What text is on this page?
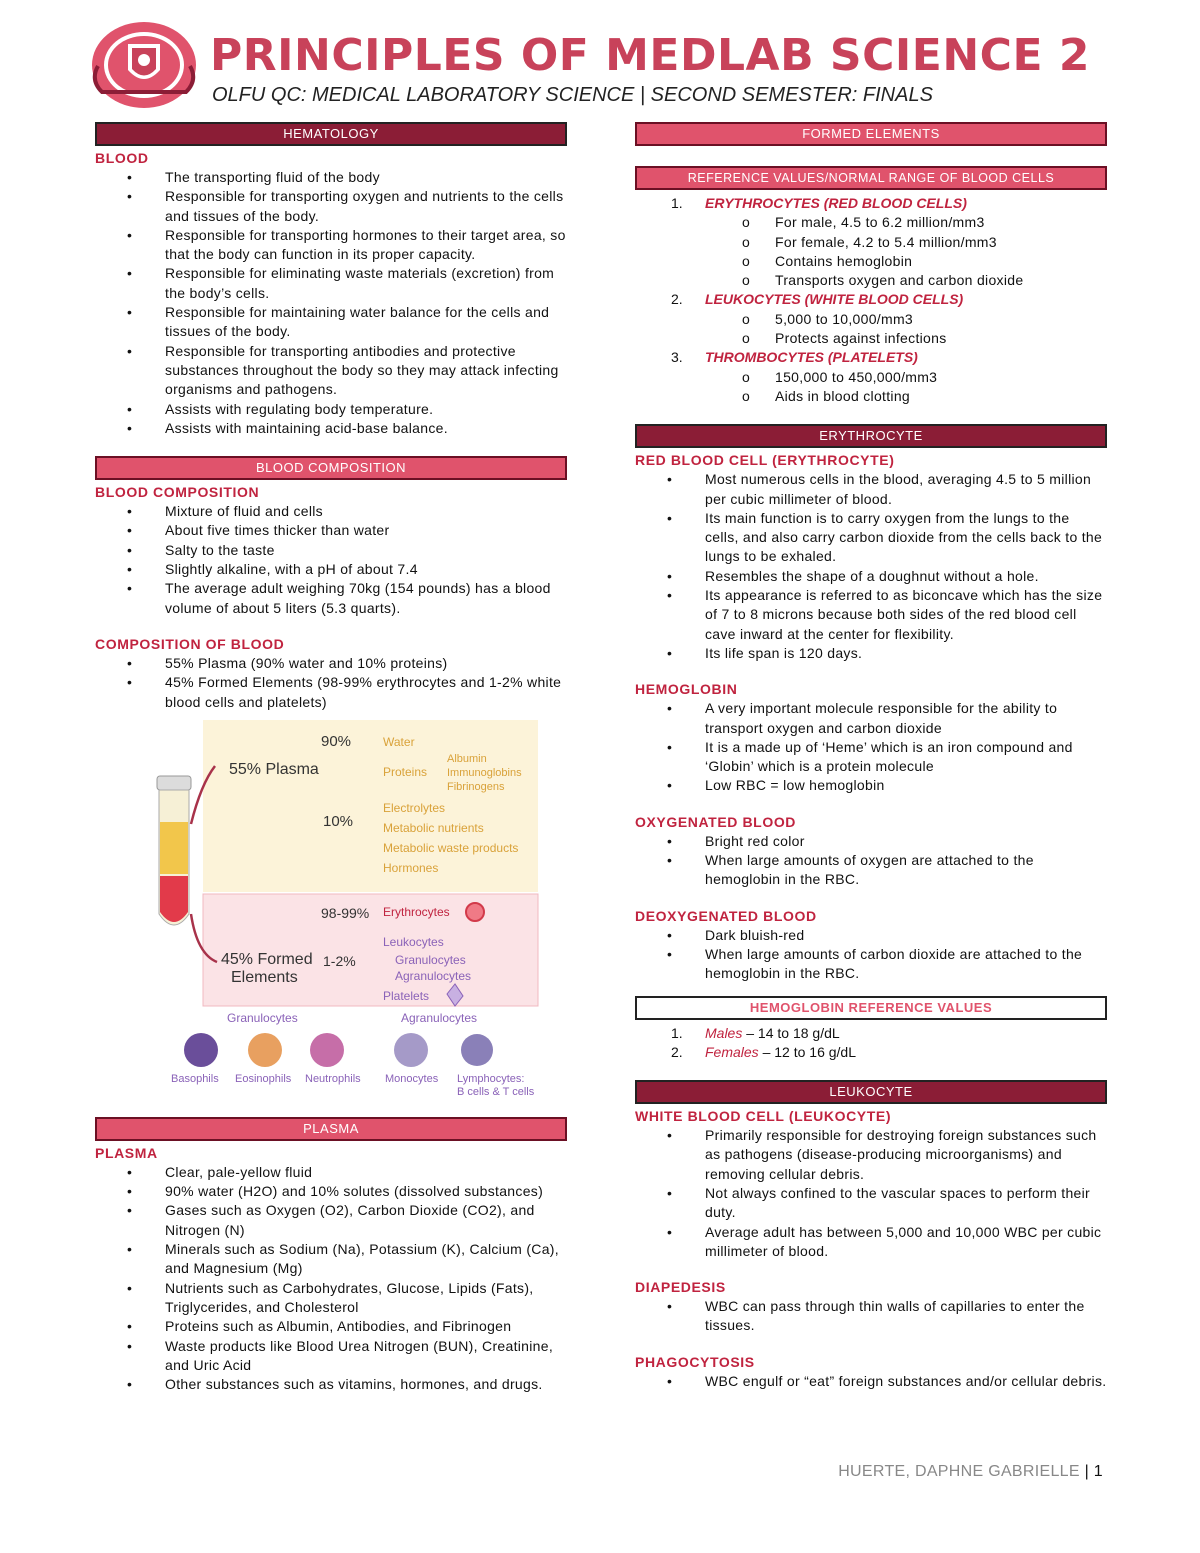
PRINCIPLES OF MEDLAB SCIENCE 2
OLFU QC: MEDICAL LABORATORY SCIENCE | SECOND SEMESTER: FINALS
HEMATOLOGY
BLOOD
• The transporting fluid of the body
• Responsible for transporting oxygen and nutrients to the cells and tissues of the body.
• Responsible for transporting hormones to their target area, so that the body can function in its proper capacity.
• Responsible for eliminating waste materials (excretion) from the body’s cells.
• Responsible for maintaining water balance for the cells and tissues of the body.
• Responsible for transporting antibodies and protective substances throughout the body so they may attack infecting organisms and pathogens.
• Assists with regulating body temperature.
• Assists with maintaining acid-base balance.
BLOOD COMPOSITION
BLOOD COMPOSITION
• Mixture of fluid and cells
• About five times thicker than water
• Salty to the taste
• Slightly alkaline, with a pH of about 7.4
• The average adult weighing 70kg (154 pounds) has a blood volume of about 5 liters (5.3 quarts).
COMPOSITION OF BLOOD
• 55% Plasma (90% water and 10% proteins)
• 45% Formed Elements (98-99% erythrocytes and 1-2% white blood cells and platelets)
55% Plasma
90%	Water
Proteins
Albumin
Immunoglobins
Fibrinogens
10%
Electrolytes
Metabolic nutrients
Metabolic waste products
Hormones
98-99% Erythrocytes
45% Formed
Elements
1-2%
Leukocytes
Granulocytes
Agranulocytes
Platelets
Granulocytes	Agranulocytes
Basophils Eosinophils Neutrophils Monocytes Lymphocytes:
B cells & T cells
PLASMA
PLASMA
• Clear, pale-yellow fluid
• 90% water (H2O) and 10% solutes (dissolved substances)
• Gases such as Oxygen (O2), Carbon Dioxide (CO2), and Nitrogen (N)
• Minerals such as Sodium (Na), Potassium (K), Calcium (Ca), and Magnesium (Mg)
• Nutrients such as Carbohydrates, Glucose, Lipids (Fats), Triglycerides, and Cholesterol
• Proteins such as Albumin, Antibodies, and Fibrinogen
• Waste products like Blood Urea Nitrogen (BUN), Creatinine, and Uric Acid
• Other substances such as vitamins, hormones, and drugs.
FORMED ELEMENTS
REFERENCE VALUES/NORMAL RANGE OF BLOOD CELLS
1. ERYTHROCYTES (RED BLOOD CELLS)
o For male, 4.5 to 6.2 million/mm3
o For female, 4.2 to 5.4 million/mm3
o Contains hemoglobin
o Transports oxygen and carbon dioxide
2. LEUKOCYTES (WHITE BLOOD CELLS)
o 5,000 to 10,000/mm3
o Protects against infections
3. THROMBOCYTES (PLATELETS)
o 150,000 to 450,000/mm3
o Aids in blood clotting
ERYTHROCYTE
RED BLOOD CELL (ERYTHROCYTE)
• Most numerous cells in the blood, averaging 4.5 to 5 million per cubic millimeter of blood.
• Its main function is to carry oxygen from the lungs to the cells, and also carry carbon dioxide from the cells back to the lungs to be exhaled.
• Resembles the shape of a doughnut without a hole.
• Its appearance is referred to as biconcave which has the size of 7 to 8 microns because both sides of the red blood cell cave inward at the center for flexibility.
• Its life span is 120 days.
HEMOGLOBIN
• A very important molecule responsible for the ability to transport oxygen and carbon dioxide
• It is a made up of ‘Heme’ which is an iron compound and ‘Globin’ which is a protein molecule
• Low RBC = low hemoglobin
OXYGENATED BLOOD
• Bright red color
• When large amounts of oxygen are attached to the hemoglobin in the RBC.
DEOXYGENATED BLOOD
• Dark bluish-red
• When large amounts of carbon dioxide are attached to the hemoglobin in the RBC.
HEMOGLOBIN REFERENCE VALUES
1. Males – 14 to 18 g/dL
2. Females – 12 to 16 g/dL
LEUKOCYTE
WHITE BLOOD CELL (LEUKOCYTE)
• Primarily responsible for destroying foreign substances such as pathogens (disease-producing microorganisms) and removing cellular debris.
• Not always confined to the vascular spaces to perform their duty.
• Average adult has between 5,000 and 10,000 WBC per cubic millimeter of blood.
DIAPEDESIS
• WBC can pass through thin walls of capillaries to enter the tissues.
PHAGOCYTOSIS
• WBC engulf or “eat” foreign substances and/or cellular debris.
HUERTE, DAPHNE GABRIELLE | 1
